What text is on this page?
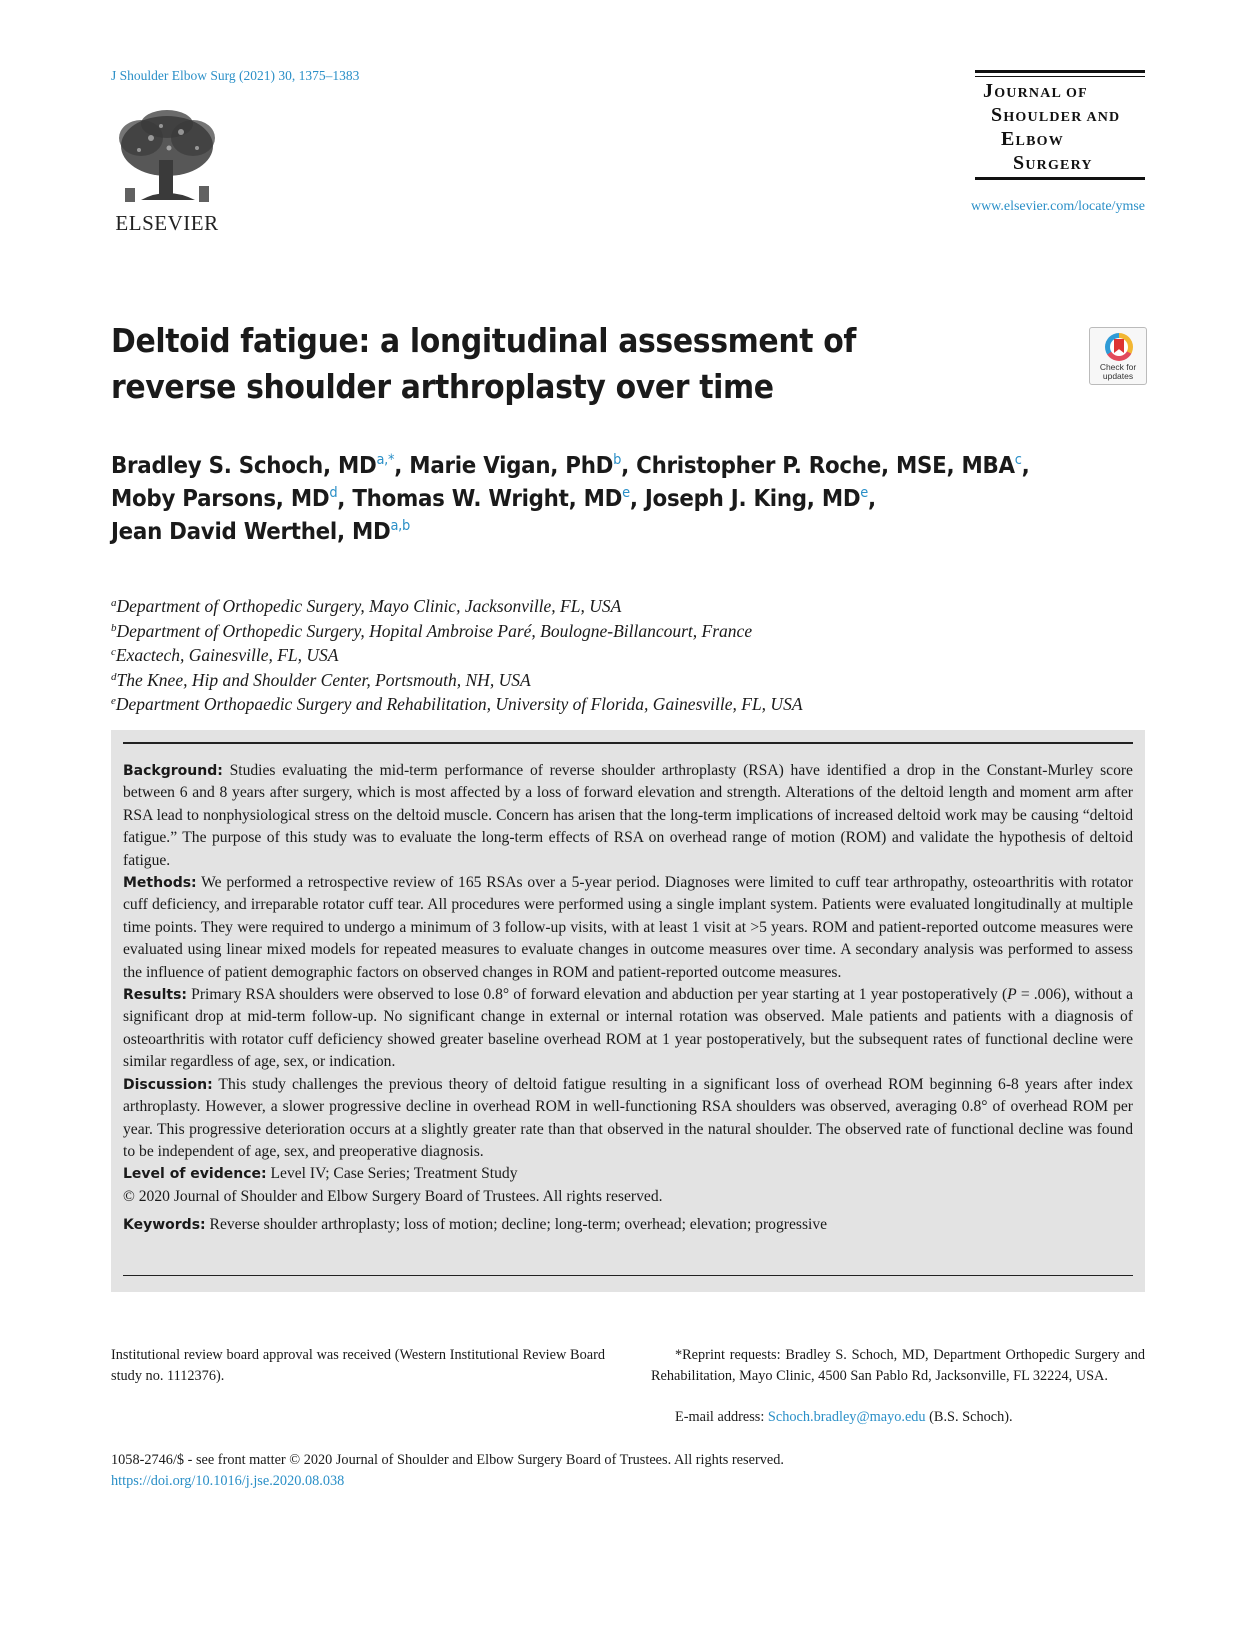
J Shoulder Elbow Surg (2021) 30, 1375–1383
ELSEVIER
JOURNAL OF
SHOULDER AND
ELBOW
SURGERY
www.elsevier.com/locate/ymse
Deltoid fatigue: a longitudinal assessment of
reverse shoulder arthroplasty over time
Check for
updates
Bradley S. Schoch, $MD^{a,*}$, Marie Vigan, PhD$^b$, Christopher P. Roche, MSE, MBA$^c$,
Moby Parsons, $MD^d$, Thomas W. Wright, MDe, Joseph J. King, MDe,
Jean David Werthel, MD$^{a,b}$
$^a$Department of Orthopedic Surgery, Mayo Clinic, Jacksonville, FL, USA
$^b$Department of Orthopedic Surgery, Hopital Ambroise Paré, Boulogne-Billancourt, France
$^c$Exactech, Gainesville, FL, USA
$^d$The Knee, Hip and Shoulder Center, Portsmouth, NH, USA
$^e$Department Orthopaedic Surgery and Rehabilitation, University of Florida, Gainesville, FL, USA

Background: Studies evaluating the mid-term performance of reverse shoulder arthroplasty (RSA) have identified a drop in the Constant-Murley score between 6 and 8 years after surgery, which is most affected by a loss of forward elevation and strength. Alterations of the deltoid length and moment arm after RSA lead to nonphysiological stress on the deltoid muscle. Concern has arisen that the long-term implications of increased deltoid work may be causing “deltoid fatigue.” The purpose of this study was to evaluate the long-term effects of RSA on overhead range of motion (ROM) and validate the hypothesis of deltoid fatigue.

Methods: We performed a retrospective review of 165 RSAs over a 5-year period. Diagnoses were limited to cuff tear arthropathy, osteoarthritis with rotator cuff deficiency, and irreparable rotator cuff tear. All procedures were performed using a single implant system. Patients were evaluated longitudinally at multiple time points. They were required to undergo a minimum of 3 follow-up visits, with at least 1 visit at >5 years. ROM and patient-reported outcome measures were evaluated using linear mixed models for repeated measures to evaluate changes in outcome measures over time. A secondary analysis was performed to assess the influence of patient demographic factors on observed changes in ROM and patient-reported outcome measures.

Results: Primary RSA shoulders were observed to lose 0.8° of forward elevation and abduction per year starting at 1 year postoperatively (P = .006), without a significant drop at mid-term follow-up. No significant change in external or internal rotation was observed. Male patients and patients with a diagnosis of osteoarthritis with rotator cuff deficiency showed greater baseline overhead ROM at 1 year postoperatively, but the subsequent rates of functional decline were similar regardless of age, sex, or indication.

Discussion: This study challenges the previous theory of deltoid fatigue resulting in a significant loss of overhead ROM beginning 6-8 years after index arthroplasty. However, a slower progressive decline in overhead ROM in well-functioning RSA shoulders was observed, averaging 0.8° of overhead ROM per year. This progressive deterioration occurs at a slightly greater rate than that observed in the natural shoulder. The observed rate of functional decline was found to be independent of age, sex, and preoperative diagnosis.

Level of evidence: Level IV; Case Series; Treatment Study

© 2020 Journal of Shoulder and Elbow Surgery Board of Trustees. All rights reserved.

Keywords: Reverse shoulder arthroplasty; loss of motion; decline; long-term; overhead; elevation; progressive

Institutional review board approval was received (Western Institutional Review Board study no. 1112376).
*Reprint requests: Bradley S. Schoch, MD, Department Orthopedic Surgery and Rehabilitation, Mayo Clinic, 4500 San Pablo Rd, Jacksonville, FL 32224, USA.
E-mail address: Schoch.bradley@mayo.edu (B.S. Schoch).
1058-2746/$ - see front matter © 2020 Journal of Shoulder and Elbow Surgery Board of Trustees. All rights reserved.
https://doi.org/10.1016/j.jse.2020.08.038
